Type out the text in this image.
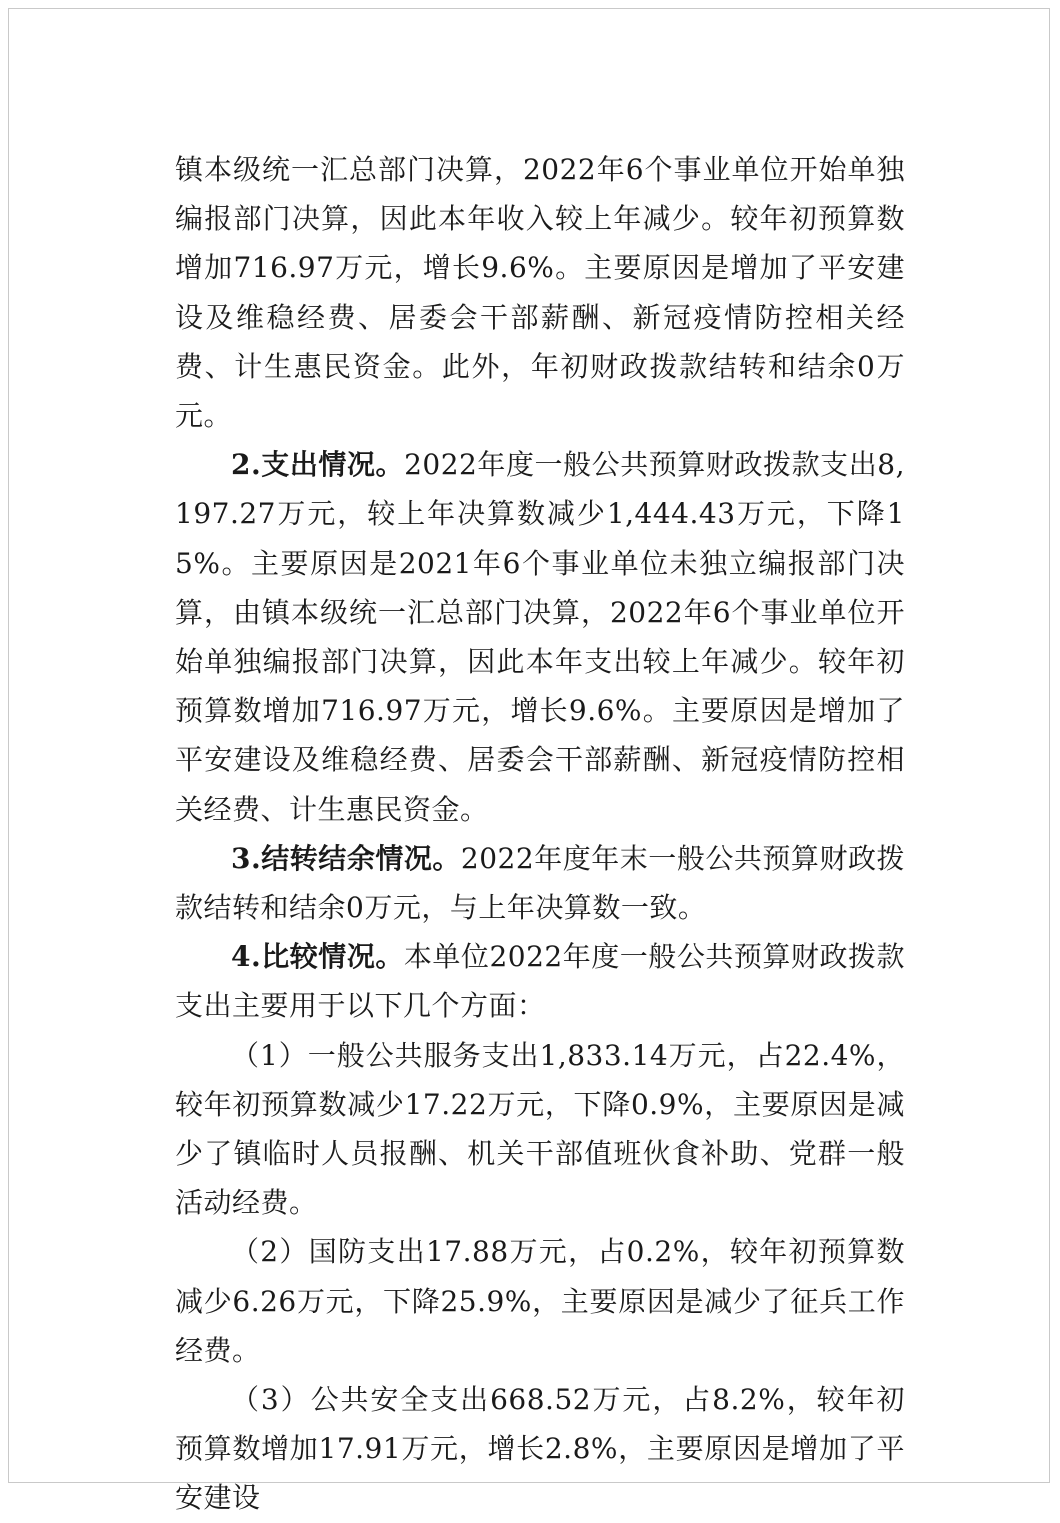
镇本级统一汇总部门决算，2022年6个事业单位开始单独编报部门决算，因此本年收入较上年减少。较年初预算数增加716.97万元，增长9.6%。主要原因是增加了平安建设及维稳经费、居委会干部薪酬、新冠疫情防控相关经费、计生惠民资金。此外，年初财政拨款结转和结余0万元。

2.支出情况。2022年度一般公共预算财政拨款支出8,197.27万元，较上年决算数减少1,444.43万元，下降15%。主要原因是2021年6个事业单位未独立编报部门决算，由镇本级统一汇总部门决算，2022年6个事业单位开始单独编报部门决算，因此本年支出较上年减少。较年初预算数增加716.97万元，增长9.6%。主要原因是增加了平安建设及维稳经费、居委会干部薪酬、新冠疫情防控相关经费、计生惠民资金。

3.结转结余情况。2022年度年末一般公共预算财政拨款结转和结余0万元，与上年决算数一致。

4.比较情况。本单位2022年度一般公共预算财政拨款支出主要用于以下几个方面：

（1）一般公共服务支出1,833.14万元，占22.4%，较年初预算数减少17.22万元，下降0.9%，主要原因是减少了镇临时人员报酬、机关干部值班伙食补助、党群一般活动经费。

（2）国防支出17.88万元，占0.2%，较年初预算数减少6.26万元，下降25.9%，主要原因是减少了征兵工作经费。

（3）公共安全支出668.52万元，占8.2%，较年初预算数增加17.91万元，增长2.8%，主要原因是增加了平安建设
